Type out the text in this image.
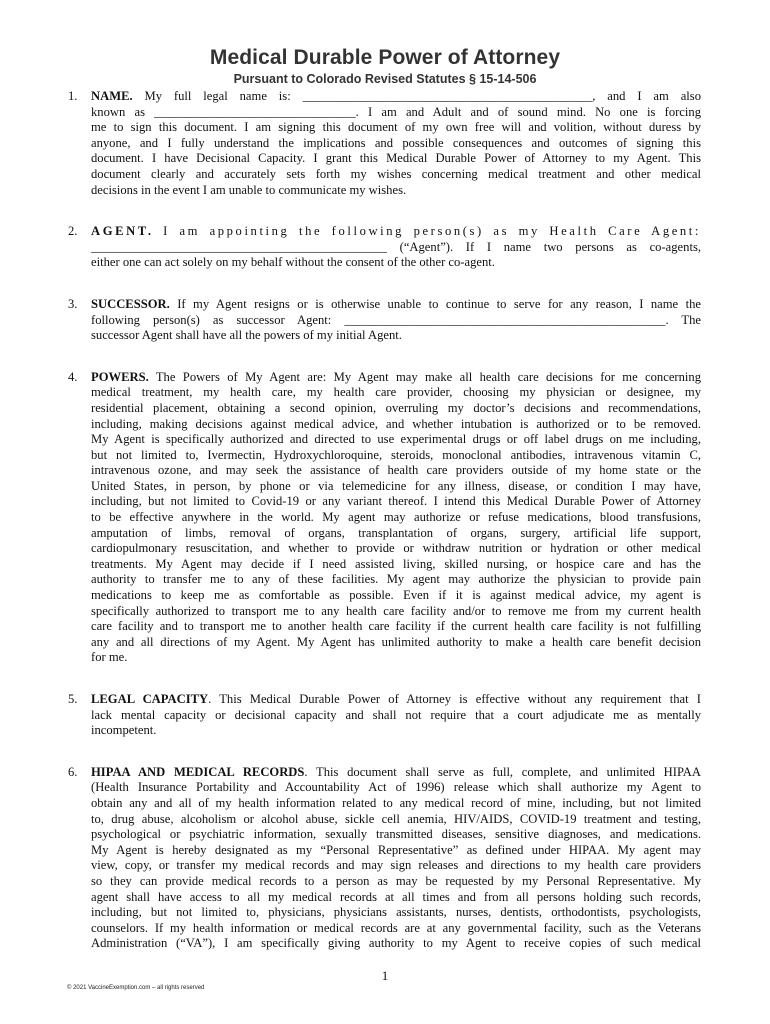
Medical Durable Power of Attorney
Pursuant to Colorado Revised Statutes § 15-14-506
1. NAME. My full legal name is: ______________________________________________, and I am also
known as ________________________________. I am and Adult and of sound mind. No one is forcing
me to sign this document. I am signing this document of my own free will and volition, without duress by
anyone, and I fully understand the implications and possible consequences and outcomes of signing this
document. I have Decisional Capacity. I grant this Medical Durable Power of Attorney to my Agent. This
document clearly and accurately sets forth my wishes concerning medical treatment and other medical
decisions in the event I am unable to communicate my wishes.
2. AGENT. I am appointing the following person(s) as my Health Care Agent:
_______________________________________________ (“Agent”). If I name two persons as co-agents,
either one can act solely on my behalf without the consent of the other co-agent.
3. SUCCESSOR. If my Agent resigns or is otherwise unable to continue to serve for any reason, I name the
following person(s) as successor Agent: ___________________________________________________. The
successor Agent shall have all the powers of my initial Agent.
4. POWERS. The Powers of My Agent are: My Agent may make all health care decisions for me concerning
medical treatment, my health care, my health care provider, choosing my physician or designee, my
residential placement, obtaining a second opinion, overruling my doctor’s decisions and recommendations,
including, making decisions against medical advice, and whether intubation is authorized or to be removed.
My Agent is specifically authorized and directed to use experimental drugs or off label drugs on me including,
but not limited to, Ivermectin, Hydroxychloroquine, steroids, monoclonal antibodies, intravenous vitamin C,
intravenous ozone, and may seek the assistance of health care providers outside of my home state or the
United States, in person, by phone or via telemedicine for any illness, disease, or condition I may have,
including, but not limited to Covid-19 or any variant thereof. I intend this Medical Durable Power of Attorney
to be effective anywhere in the world. My agent may authorize or refuse medications, blood transfusions,
amputation of limbs, removal of organs, transplantation of organs, surgery, artificial life support,
cardiopulmonary resuscitation, and whether to provide or withdraw nutrition or hydration or other medical
treatments. My Agent may decide if I need assisted living, skilled nursing, or hospice care and has the
authority to transfer me to any of these facilities. My agent may authorize the physician to provide pain
medications to keep me as comfortable as possible. Even if it is against medical advice, my agent is
specifically authorized to transport me to any health care facility and/or to remove me from my current health
care facility and to transport me to another health care facility if the current health care facility is not fulfilling
any and all directions of my Agent. My Agent has unlimited authority to make a health care benefit decision
for me.
5. LEGAL CAPACITY. This Medical Durable Power of Attorney is effective without any requirement that I
lack mental capacity or decisional capacity and shall not require that a court adjudicate me as mentally
incompetent.
6. HIPAA AND MEDICAL RECORDS. This document shall serve as full, complete, and unlimited HIPAA
(Health Insurance Portability and Accountability Act of 1996) release which shall authorize my Agent to
obtain any and all of my health information related to any medical record of mine, including, but not limited
to, drug abuse, alcoholism or alcohol abuse, sickle cell anemia, HIV/AIDS, COVID-19 treatment and testing,
psychological or psychiatric information, sexually transmitted diseases, sensitive diagnoses, and medications.
My Agent is hereby designated as my “Personal Representative” as defined under HIPAA. My agent may
view, copy, or transfer my medical records and may sign releases and directions to my health care providers
so they can provide medical records to a person as may be requested by my Personal Representative. My
agent shall have access to all my medical records at all times and from all persons holding such records,
including, but not limited to, physicians, physicians assistants, nurses, dentists, orthodontists, psychologists,
counselors. If my health information or medical records are at any governmental facility, such as the Veterans
Administration (“VA”), I am specifically giving authority to my Agent to receive copies of such medical
1
© 2021 VaccineExemption.com – all rights reserved
